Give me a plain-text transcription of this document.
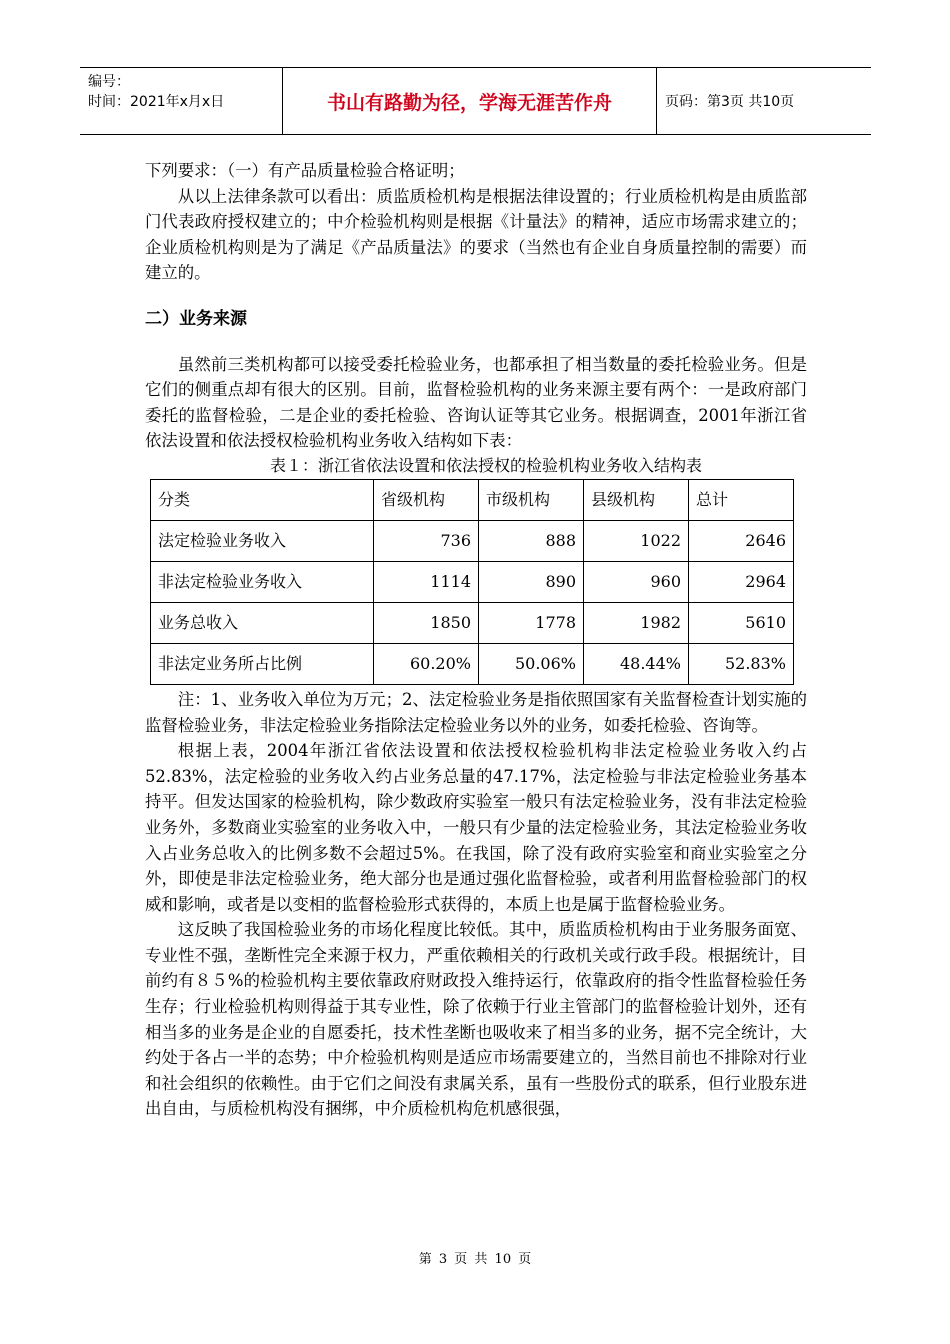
编号：
时间：2021年x月x日	书山有路勤为径，学海无涯苦作舟	页码：第3页 共10页

下列要求：（一）有产品质量检验合格证明；

从以上法律条款可以看出：质监质检机构是根据法律设置的；行业质检机构是由质监部门代表政府授权建立的；中介检验机构则是根据《计量法》的精神，适应市场需求建立的；企业质检机构则是为了满足《产品质量法》的要求（当然也有企业自身质量控制的需要）而建立的。

二）业务来源

虽然前三类机构都可以接受委托检验业务，也都承担了相当数量的委托检验业务。但是它们的侧重点却有很大的区别。目前，监督检验机构的业务来源主要有两个：一是政府部门委托的监督检验，二是企业的委托检验、咨询认证等其它业务。根据调查，2001年浙江省依法设置和依法授权检验机构业务收入结构如下表：

表１：浙江省依法设置和依法授权的检验机构业务收入结构表

分类	省级机构	市级机构	县级机构	总计
法定检验业务收入	736	888	1022	2646
非法定检验业务收入	1114	890	960	2964
业务总收入	1850	1778	1982	5610
非法定业务所占比例	60.20%	50.06%	48.44%	52.83%

注：1、业务收入单位为万元；2、法定检验业务是指依照国家有关监督检查计划实施的监督检验业务，非法定检验业务指除法定检验业务以外的业务，如委托检验、咨询等。

根据上表，2004年浙江省依法设置和依法授权检验机构非法定检验业务收入约占52.83%，法定检验的业务收入约占业务总量的47.17%，法定检验与非法定检验业务基本持平。但发达国家的检验机构，除少数政府实验室一般只有法定检验业务，没有非法定检验业务外，多数商业实验室的业务收入中，一般只有少量的法定检验业务，其法定检验业务收入占业务总收入的比例多数不会超过5%。在我国，除了没有政府实验室和商业实验室之分外，即使是非法定检验业务，绝大部分也是通过强化监督检验，或者利用监督检验部门的权威和影响，或者是以变相的监督检验形式获得的，本质上也是属于监督检验业务。

这反映了我国检验业务的市场化程度比较低。其中，质监质检机构由于业务服务面宽、专业性不强，垄断性完全来源于权力，严重依赖相关的行政机关或行政手段。根据统计，目前约有８５%的检验机构主要依靠政府财政投入维持运行，依靠政府的指令性监督检验任务生存；行业检验机构则得益于其专业性，除了依赖于行业主管部门的监督检验计划外，还有相当多的业务是企业的自愿委托，技术性垄断也吸收来了相当多的业务，据不完全统计，大约处于各占一半的态势；中介检验机构则是适应市场需要建立的，当然目前也不排除对行业和社会组织的依赖性。由于它们之间没有隶属关系，虽有一些股份式的联系，但行业股东进出自由，与质检机构没有捆绑，中介质检机构危机感很强，

第 3 页 共 10 页
